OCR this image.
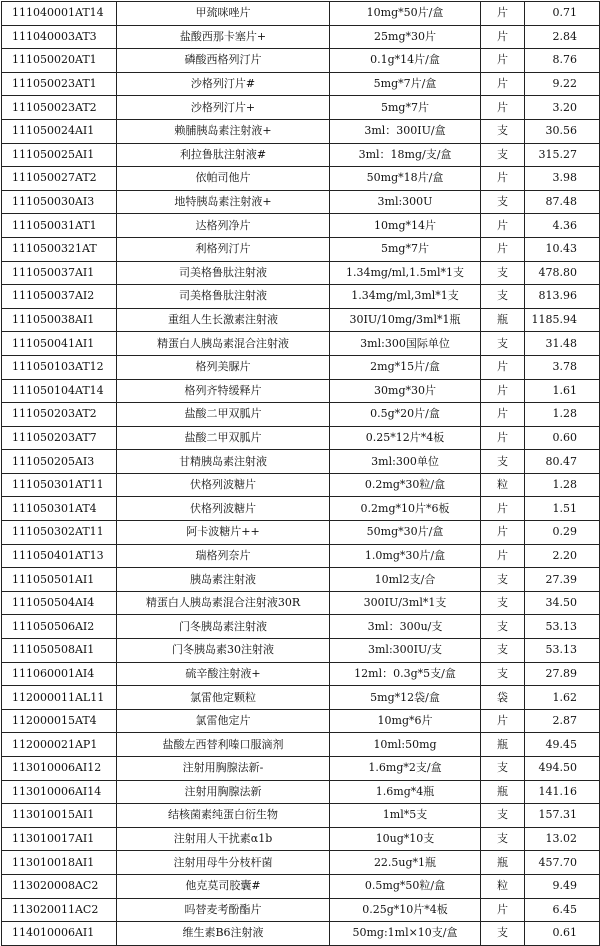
111040001AT14	甲巯咪唑片	10mg*50片/盒	片	0.71
111040003AT3	盐酸西那卡塞片+	25mg*30片	片	2.84
111050020AT1	磷酸西格列汀片	0.1g*14片/盒	片	8.76
111050023AT1	沙格列汀片#	5mg*7片/盒	片	9.22
111050023AT2	沙格列汀片+	5mg*7片	片	3.20
111050024AI1	赖脯胰岛素注射液+	3ml：300IU/盒	支	30.56
111050025AI1	利拉鲁肽注射液#	3ml：18mg/支/盒	支	315.27
111050027AT2	依帕司他片	50mg*18片/盒	片	3.98
111050030AI3	地特胰岛素注射液+	3ml:300U	支	87.48
111050031AT1	达格列净片	10mg*14片	片	4.36
1110500321AT	利格列汀片	5mg*7片	片	10.43
111050037AI1	司美格鲁肽注射液	1.34mg/ml,1.5ml*1支	支	478.80
111050037AI2	司美格鲁肽注射液	1.34mg/ml,3ml*1支	支	813.96
111050038AI1	重组人生长激素注射液	30IU/10mg/3ml*1瓶	瓶	1185.94
111050041AI1	精蛋白人胰岛素混合注射液	3ml:300国际单位	支	31.48
111050103AT12	格列美脲片	2mg*15片/盒	片	3.78
111050104AT14	格列齐特缓释片	30mg*30片	片	1.61
111050203AT2	盐酸二甲双胍片	0.5g*20片/盒	片	1.28
111050203AT7	盐酸二甲双胍片	0.25*12片*4板	片	0.60
111050205AI3	甘精胰岛素注射液	3ml:300单位	支	80.47
111050301AT11	伏格列波糖片	0.2mg*30粒/盒	粒	1.28
111050301AT4	伏格列波糖片	0.2mg*10片*6板	片	1.51
111050302AT11	阿卡波糖片++	50mg*30片/盒	片	0.29
111050401AT13	瑞格列奈片	1.0mg*30片/盒	片	2.20
111050501AI1	胰岛素注射液	10ml2支/合	支	27.39
111050504AI4	精蛋白人胰岛素混合注射液30R	300IU/3ml*1支	支	34.50
111050506AI2	门冬胰岛素注射液	3ml：300u/支	支	53.13
111050508AI1	门冬胰岛素30注射液	3ml:300IU/支	支	53.13
111060001AI4	硫辛酸注射液+	12ml：0.3g*5支/盒	支	27.89
112000011AL11	氯雷他定颗粒	5mg*12袋/盒	袋	1.62
112000015AT4	氯雷他定片	10mg*6片	片	2.87
112000021AP1	盐酸左西替利嗪口服滴剂	10ml:50mg	瓶	49.45
113010006AI12	注射用胸腺法新-	1.6mg*2支/盒	支	494.50
113010006AI14	注射用胸腺法新	1.6mg*4瓶	瓶	141.16
113010015AI1	结核菌素纯蛋白衍生物	1ml*5支	支	157.31
113010017AI1	注射用人干扰素α1b	10ug*10支	支	13.02
113010018AI1	注射用母牛分枝杆菌	22.5ug*1瓶	瓶	457.70
113020008AC2	他克莫司胶囊#	0.5mg*50粒/盒	粒	9.49
113020011AC2	吗替麦考酚酯片	0.25g*10片*4板	片	6.45
114010006AI1	维生素B6注射液	50mg:1ml×10支/盒	支	0.61
